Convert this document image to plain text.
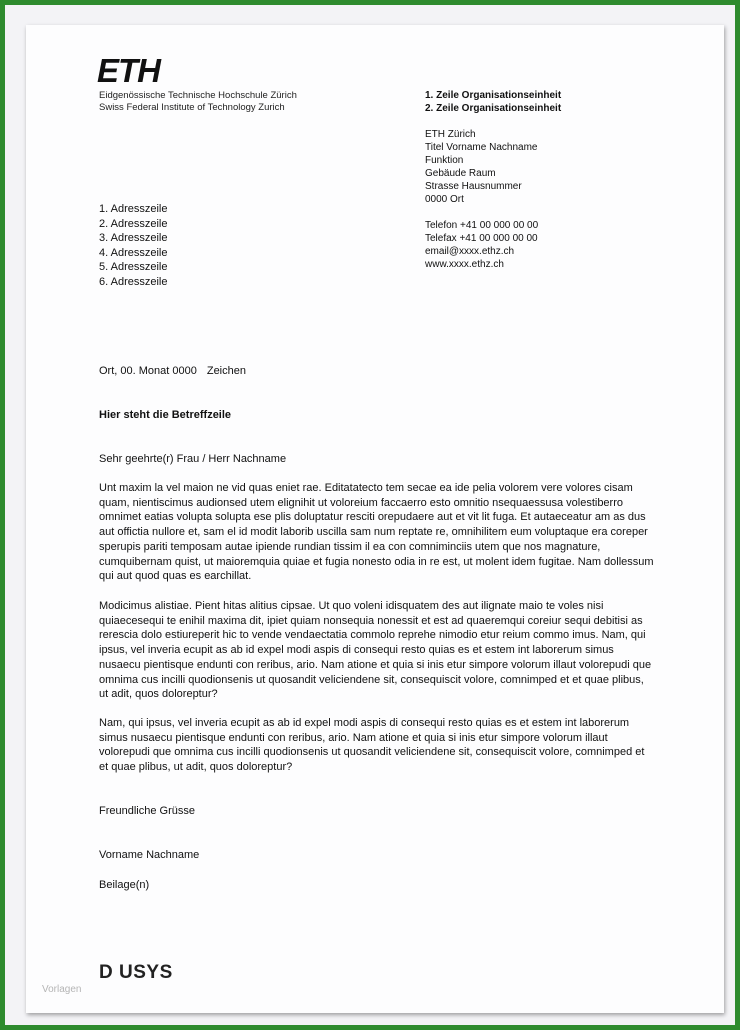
ETH
Eidgenössische Technische Hochschule Zürich
Swiss Federal Institute of Technology Zurich
1. Zeile Organisationseinheit
2. Zeile Organisationseinheit
ETH Zürich
Titel Vorname Nachname
Funktion
Gebäude Raum
Strasse Hausnummer
0000 Ort
Telefon +41 00 000 00 00
Telefax +41 00 000 00 00
email@xxxx.ethz.ch
www.xxxx.ethz.ch
1. Adresszeile
2. Adresszeile
3. Adresszeile
4. Adresszeile
5. Adresszeile
6. Adresszeile
Ort, 00. Monat 0000 Zeichen
Hier steht die Betreffzeile
Sehr geehrte(r) Frau / Herr Nachname
Unt maxim la vel maion ne vid quas eniet rae. Editatatecto tem secae ea ide pelia volorem vere volores cisam quam, nientiscimus audionsed utem elignihit ut voloreium faccaerro esto omnitio nsequaessusa volestiberro omnimet eatias volupta solupta ese plis doluptatur resciti orepudaere aut et vit lit fuga. Et autaeceatur am as dus aut offictia nullore et, sam el id modit laborib uscilla sam num reptate re, omnihilitem eum voluptaque era coreper sperupis pariti temposam autae ipiende rundian tissim il ea con comniminciis utem que nos magnature, cumquibernam quist, ut maioremquia quiae et fugia nonesto odia in re est, ut molent idem fugitae. Nam dollessum qui aut quod quas es earchillat.
Modicimus alistiae. Pient hitas alitius cipsae. Ut quo voleni idisquatem des aut ilignate maio te voles nisi quiaecesequi te enihil maxima dit, ipiet quiam nonsequia nonessit et est ad quaeremqui coreiur sequi debitisi as rerescia dolo estiureperit hic to vende vendaectatia commolo reprehe nimodio etur reium commo imus. Nam, qui ipsus, vel inveria ecupit as ab id expel modi aspis di consequi resto quias es et estem int laborerum simus nusaecu pientisque endunti con reribus, ario. Nam atione et quia si inis etur simpore volorum illaut volorepudi que omnima cus incilli quodionsenis ut quosandit veliciendene sit, consequiscit volore, comnimped et et quae plibus, ut adit, quos doloreptur?
Nam, qui ipsus, vel inveria ecupit as ab id expel modi aspis di consequi resto quias es et estem int laborerum simus nusaecu pientisque endunti con reribus, ario. Nam atione et quia si inis etur simpore volorum illaut volorepudi que omnima cus incilli quodionsenis ut quosandit veliciendene sit, consequiscit volore, comnimped et et quae plibus, ut adit, quos doloreptur?
Freundliche Grüsse
Vorname Nachname
Beilage(n)
D USYS
Vorlagen
